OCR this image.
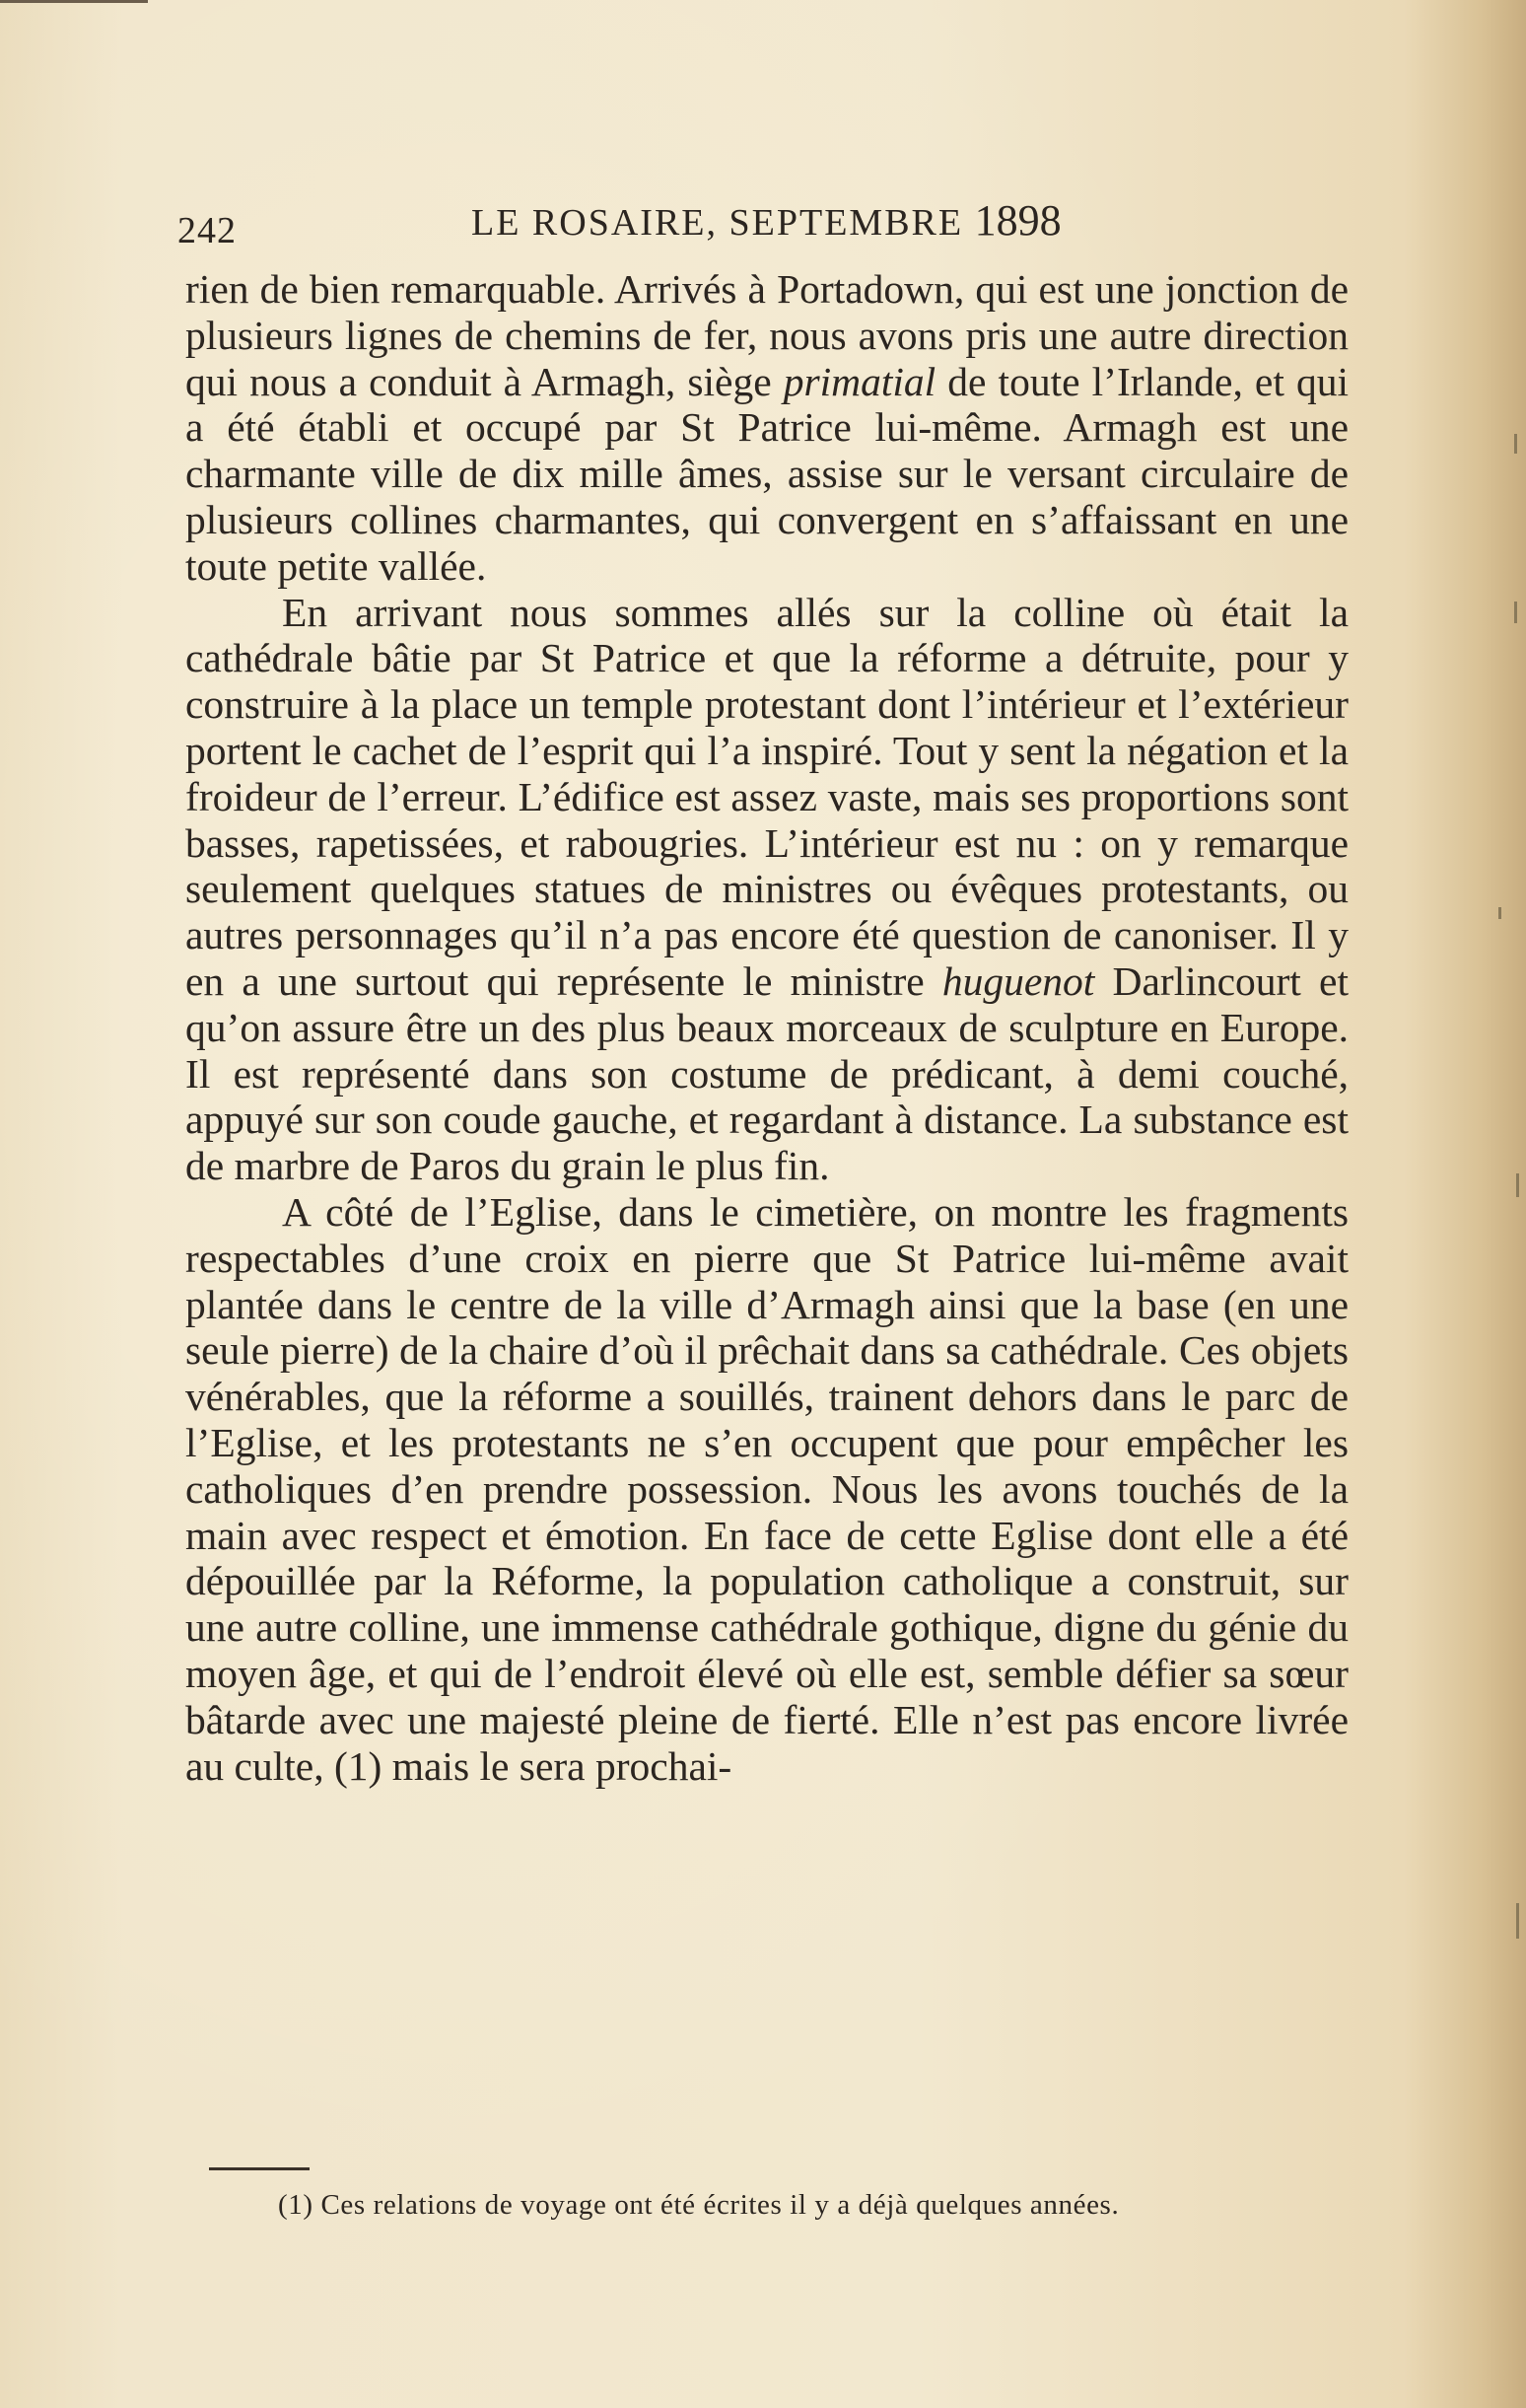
242	LE ROSAIRE, SEPTEMBRE 1898

rien de bien remarquable. Arrivés à Portadown, qui est une jonction de plusieurs lignes de chemins de fer, nous avons pris une autre direction qui nous a conduit à Armagh, siège primatial de toute l’Irlande, et qui a été établi et occupé par St Patrice lui-même. Armagh est une charmante ville de dix mille âmes, assise sur le versant circulaire de plusieurs collines charmantes, qui convergent en s’affaissant en une toute petite vallée.

En arrivant nous sommes allés sur la colline où était la cathédrale bâtie par St Patrice et que la réforme a détruite, pour y construire à la place un temple protestant dont l’intérieur et l’extérieur portent le cachet de l’esprit qui l’a inspiré. Tout y sent la négation et la froideur de l’erreur. L’édifice est assez vaste, mais ses proportions sont basses, rapetissées, et rabougries. L’intérieur est nu : on y remarque seulement quelques statues de ministres ou évêques protestants, ou autres personnages qu’il n’a pas encore été question de canoniser. Il y en a une surtout qui représente le ministre huguenot Darlincourt et qu’on assure être un des plus beaux morceaux de sculpture en Europe. Il est représenté dans son costume de prédicant, à demi couché, appuyé sur son coude gauche, et regardant à distance. La substance est de marbre de Paros du grain le plus fin.

A côté de l’Eglise, dans le cimetière, on montre les fragments respectables d’une croix en pierre que St Patrice lui-même avait plantée dans le centre de la ville d’Armagh ainsi que la base (en une seule pierre) de la chaire d’où il prêchait dans sa cathédrale. Ces objets vénérables, que la réforme a souillés, trainent dehors dans le parc de l’Eglise, et les protestants ne s’en occupent que pour empêcher les catholiques d’en prendre possession. Nous les avons touchés de la main avec respect et émotion. En face de cette Eglise dont elle a été dépouillée par la Réforme, la population catholique a construit, sur une autre colline, une immense cathédrale gothique, digne du génie du moyen âge, et qui de l’endroit élevé où elle est, semble défier sa sœur bâtarde avec une majesté pleine de fierté. Elle n’est pas encore livrée au culte, (1) mais le sera prochai-

(1) Ces relations de voyage ont été écrites il y a déjà quelques années.
